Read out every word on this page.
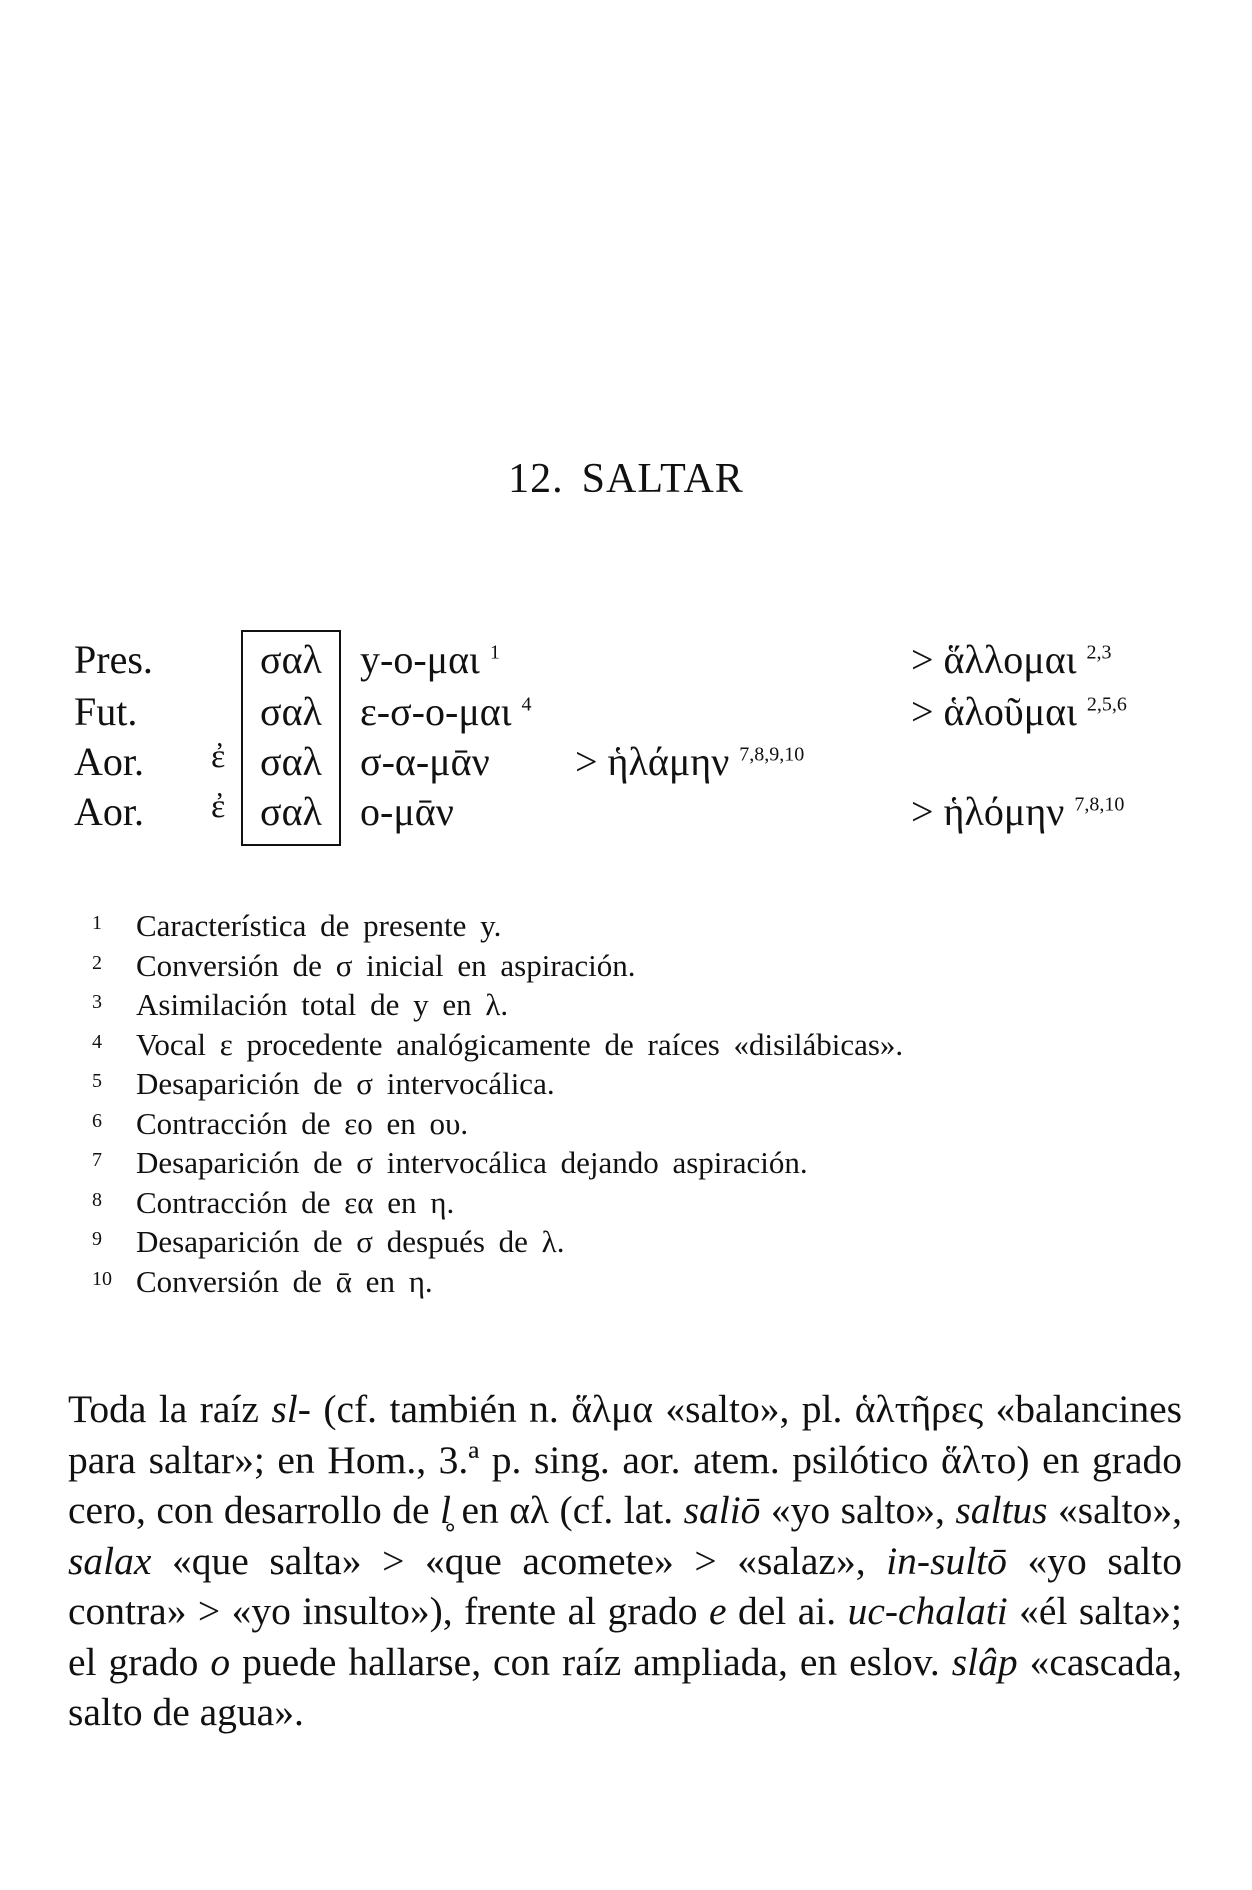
12. SALTAR
Pres.	σαλ y-ο-μαι $^1$	> ἅλλομαι $^{2,3}$
Fut.	σαλ ε-σ-ο-μαι $^4$	> ἁλοῦμαι $^{2,5,6}$
Aor. ἐ σαλ σ-α-μᾱν > ἡλάμην $^{7,8,9,10}$
Aor. ἐ σαλ ο-μᾱν	> ἡλόμην $^{7,8,10}$
1 Característica de presente y.
2 Conversión de σ inicial en aspiración.
3 Asimilación total de y en λ.
4 Vocal ε procedente analógicamente de raíces «disilábicas».
5 Desaparición de σ intervocálica.
6 Contracción de εο en ου.
7 Desaparición de σ intervocálica dejando aspiración.
8 Contracción de εα en η.
9 Desaparición de σ después de λ.
10 Conversión de ᾱ en η.

Toda la raíz sl- (cf. también n. ἅλμα «salto», pl. ἁλτῆρες «balancines para saltar»; en Hom., 3.ª p. sing. aor. atem. psilótico ἅλτο) en grado cero, con desarrollo de l̥ en αλ (cf. lat. saliō «yo salto», saltus «salto», salax «que salta» > «que acomete» > «salaz», in-sultō «yo salto contra» > «yo insulto»), frente al grado e del ai. uc-chalati «él salta»; el grado o puede hallarse, con raíz ampliada, en eslov. slâp «cascada, salto de agua».
